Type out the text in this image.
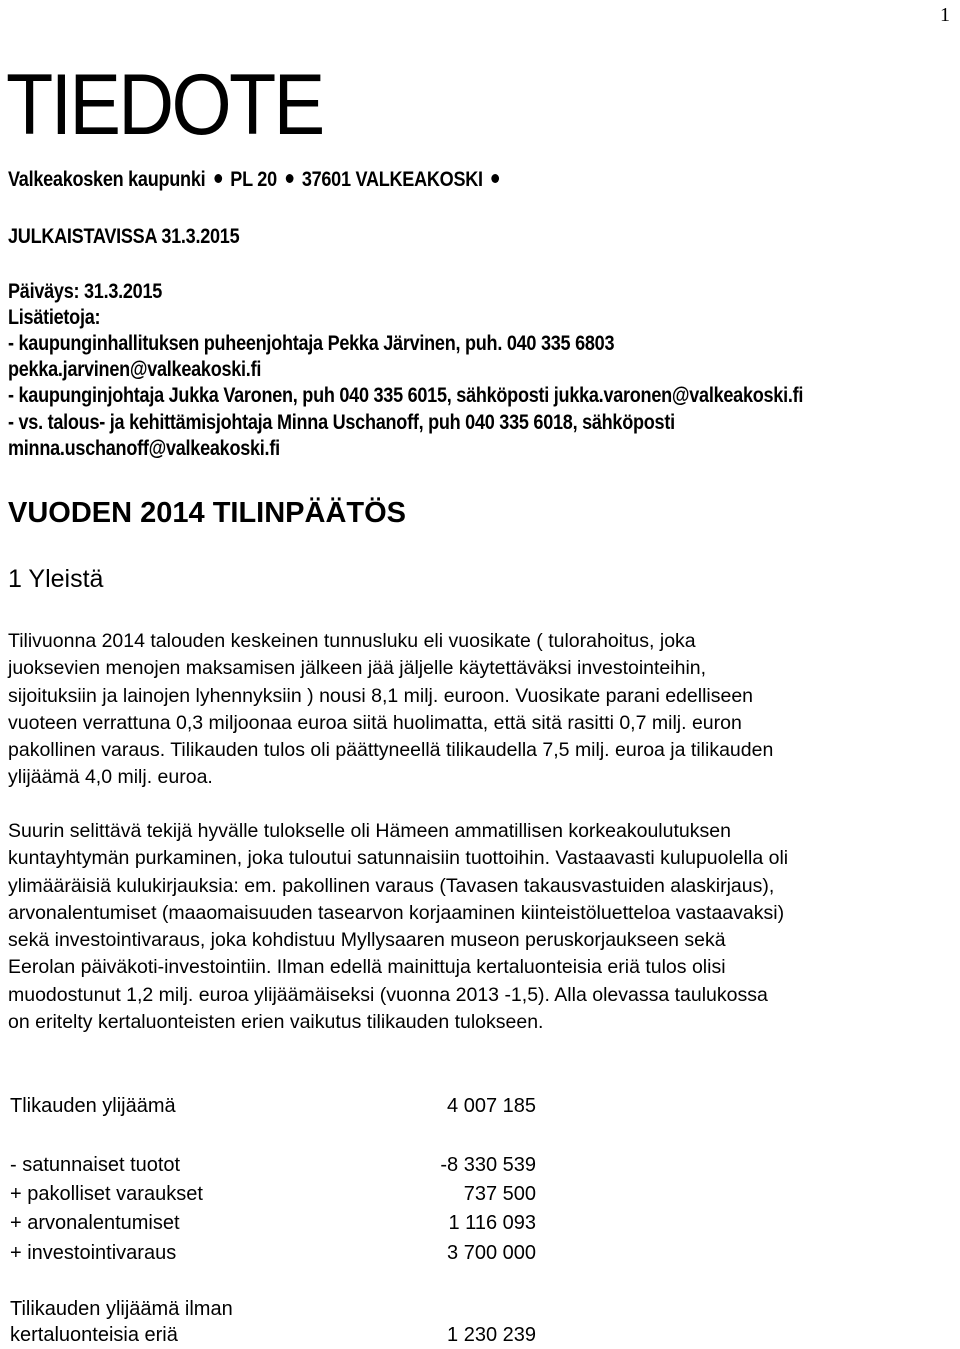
1
TIEDOTE
Valkeakosken kaupunki PL 20 37601 VALKEAKOSKI
JULKAISTAVISSA 31.3.2015
Päiväys: 31.3.2015
Lisätietoja:
- kaupunginhallituksen puheenjohtaja Pekka Järvinen, puh. 040 335 6803
pekka.jarvinen@valkeakoski.fi
- kaupunginjohtaja Jukka Varonen, puh 040 335 6015, sähköposti jukka.varonen@valkeakoski.fi
- vs. talous- ja kehittämisjohtaja Minna Uschanoff, puh 040 335 6018, sähköposti
minna.uschanoff@valkeakoski.fi
VUODEN 2014 TILINPÄÄTÖS
1 Yleistä

Tilivuonna 2014 talouden keskeinen tunnusluku eli vuosikate ( tulorahoitus, joka

juoksevien menojen maksamisen jälkeen jää jäljelle käytettäväksi investointeihin,

sijoituksiin ja lainojen lyhennyksiin ) nousi 8,1 milj. euroon. Vuosikate parani edelliseen

vuoteen verrattuna 0,3 miljoonaa euroa siitä huolimatta, että sitä rasitti 0,7 milj. euron

pakollinen varaus. Tilikauden tulos oli päättyneellä tilikaudella 7,5 milj. euroa ja tilikauden

ylijäämä 4,0 milj. euroa.

Suurin selittävä tekijä hyvälle tulokselle oli Hämeen ammatillisen korkeakoulutuksen

kuntayhtymän purkaminen, joka tuloutui satunnaisiin tuottoihin. Vastaavasti kulupuolella oli

ylimääräisiä kulukirjauksia: em. pakollinen varaus (Tavasen takausvastuiden alaskirjaus),

arvonalentumiset (maaomaisuuden tasearvon korjaaminen kiinteistöluetteloa vastaavaksi)

sekä investointivaraus, joka kohdistuu Myllysaaren museon peruskorjaukseen sekä

Eerolan päiväkoti-investointiin. Ilman edellä mainittuja kertaluonteisia eriä tulos olisi

muodostunut 1,2 milj. euroa ylijäämäiseksi (vuonna 2013 -1,5). Alla olevassa taulukossa

on eritelty kertaluonteisten erien vaikutus tilikauden tulokseen.

Tlikauden ylijäämä	4 007 185
- satunnaiset tuotot	-8 330 539
+ pakolliset varaukset	737 500
+ arvonalentumiset	1 116 093
+ investointivaraus	3 700 000
Tilikauden ylijäämä ilman
kertaluonteisia eriä	1 230 239
